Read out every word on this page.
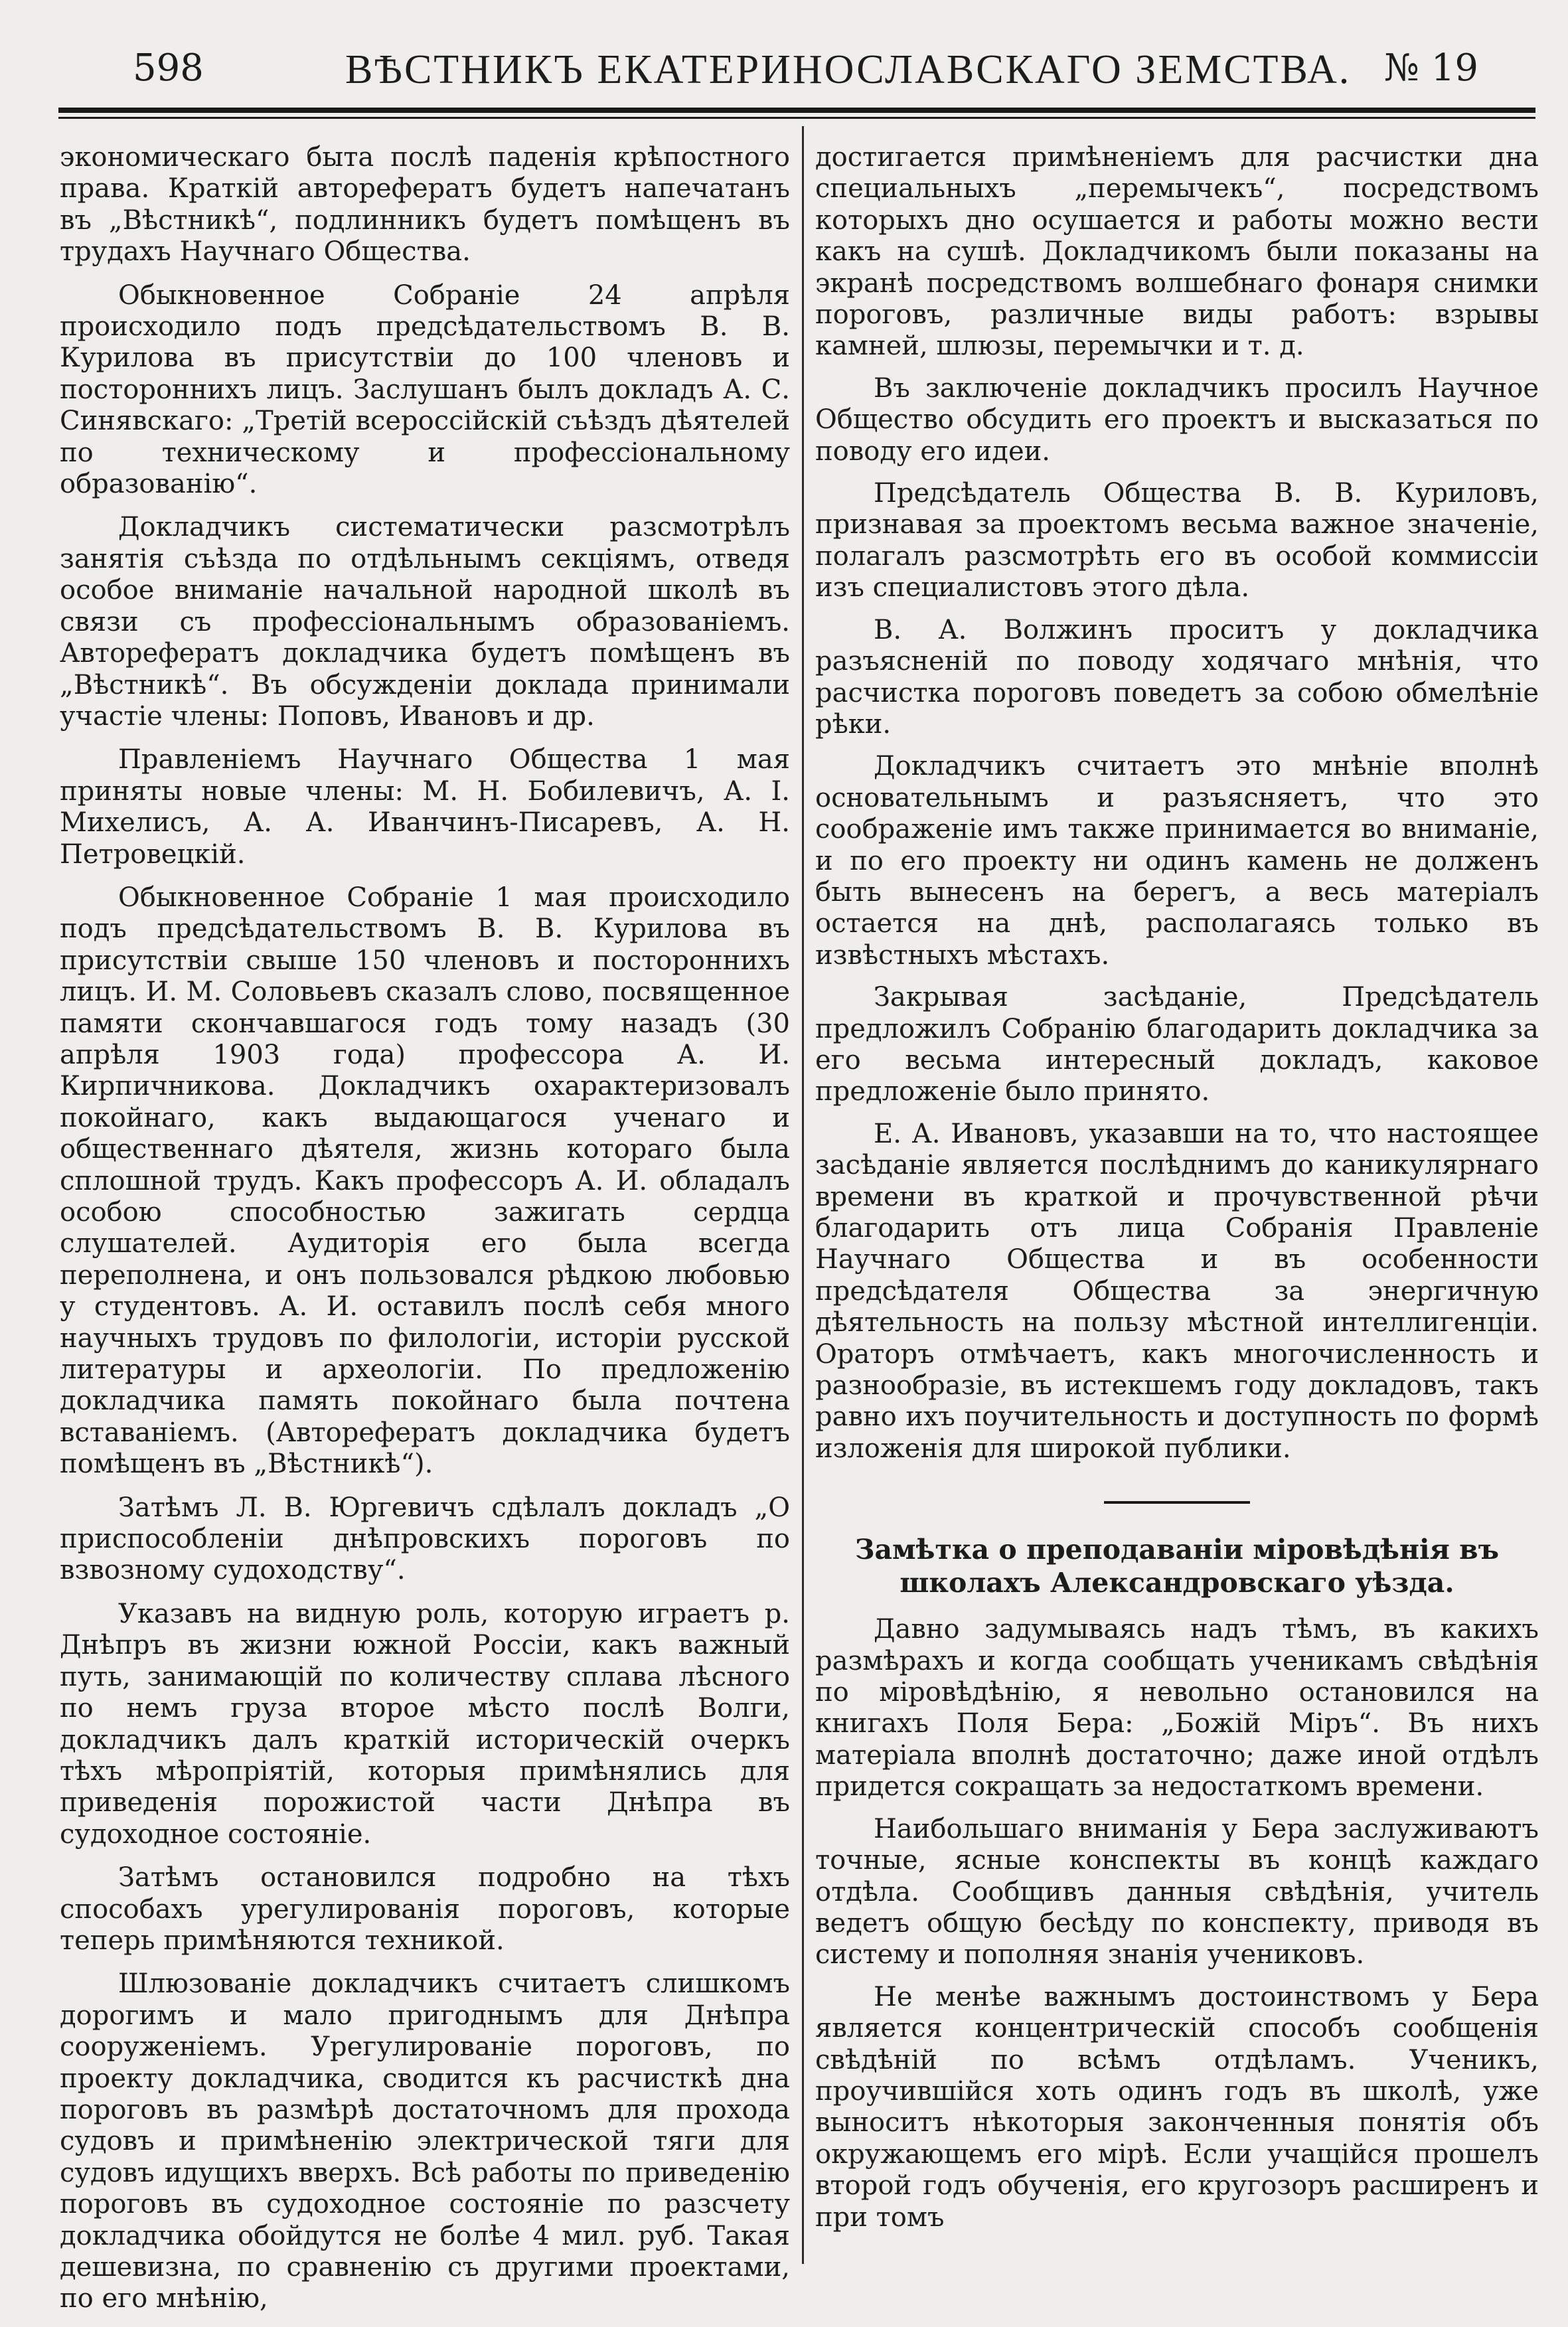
598	ВѢСТНИКЪ ЕКАТЕРИНОСЛАВСКАГО ЗЕМСТВА. № 19

экономическаго быта послѣ паденія крѣпостного права. Краткій авторефератъ будетъ напечатанъ въ „Вѣстникѣ“, подлинникъ будетъ помѣщенъ въ трудахъ Научнаго Общества.

Обыкновенное Собраніе 24 апрѣля происходило подъ предсѣдательствомъ В. В. Курилова въ присутствіи до 100 членовъ и постороннихъ лицъ. Заслушанъ былъ докладъ А. С. Синявскаго: „Третій всероссійскій съѣздъ дѣятелей по техническому и профессіональному образованію“.

Докладчикъ систематически разсмотрѣлъ занятія съѣзда по отдѣльнымъ секціямъ, отведя особое вниманіе начальной народной школѣ въ связи съ профессіональнымъ образованіемъ. Авторефератъ докладчика будетъ помѣщенъ въ „Вѣстникѣ“. Въ обсужденіи доклада принимали участіе члены: Поповъ, Ивановъ и др.

Правленіемъ Научнаго Общества 1 мая приняты новые члены: М. Н. Бобилевичъ, А. І. Михелисъ, А. А. Иванчинъ-Писаревъ, А. Н. Петровецкій.

Обыкновенное Собраніе 1 мая происходило подъ предсѣдательствомъ В. В. Курилова въ присутствіи свыше 150 членовъ и постороннихъ лицъ. И. М. Соловьевъ сказалъ слово, посвященное памяти скончавшагося годъ тому назадъ (30 апрѣля 1903 года) профессора А. И. Кирпичникова. Докладчикъ охарактеризовалъ покойнаго, какъ выдающагося ученаго и общественнаго дѣятеля, жизнь котораго была сплошной трудъ. Какъ профессоръ А. И. обладалъ особою способностью зажигать сердца слушателей. Аудиторія его была всегда переполнена, и онъ пользовался рѣдкою любовью у студентовъ. А. И. оставилъ послѣ себя много научныхъ трудовъ по филологіи, исторіи русской литературы и археологіи. По предложенію докладчика память покойнаго была почтена вставаніемъ. (Авторефератъ докладчика будетъ помѣщенъ въ „Вѣстникѣ“).

Затѣмъ Л. В. Юргевичъ сдѣлалъ докладъ „О приспособленіи днѣпровскихъ пороговъ по взвозному судоходству“.

Указавъ на видную роль, которую играетъ р. Днѣпръ въ жизни южной Россіи, какъ важный путь, занимающій по количеству сплава лѣсного по немъ груза второе мѣсто послѣ Волги, докладчикъ далъ краткій историческій очеркъ тѣхъ мѣропріятій, которыя примѣнялись для приведенія порожистой части Днѣпра въ судоходное состояніе.

Затѣмъ остановился подробно на тѣхъ способахъ урегулированія пороговъ, которые теперь примѣняются техникой.

Шлюзованіе докладчикъ считаетъ слишкомъ дорогимъ и мало пригоднымъ для Днѣпра сооруженіемъ. Урегулированіе пороговъ, по проекту докладчика, сводится къ расчисткѣ дна пороговъ въ размѣрѣ достаточномъ для прохода судовъ и примѣненію электрической тяги для судовъ идущихъ вверхъ. Всѣ работы по приведенію пороговъ въ судоходное состояніе по разсчету докладчика обойдутся не болѣе 4 мил. руб. Такая дешевизна, по сравненію съ другими проектами, по его мнѣнію,

достигается примѣненіемъ для расчистки дна специальныхъ „перемычекъ“, посредствомъ которыхъ дно осушается и работы можно вести какъ на сушѣ. Докладчикомъ были показаны на экранѣ посредствомъ волшебнаго фонаря снимки пороговъ, различные виды работъ: взрывы камней, шлюзы, перемычки и т. д.

Въ заключеніе докладчикъ просилъ Научное Общество обсудить его проектъ и высказаться по поводу его идеи.

Предсѣдатель Общества В. В. Куриловъ, признавая за проектомъ весьма важное значеніе, полагалъ разсмотрѣть его въ особой коммиссіи изъ специалистовъ этого дѣла.

В. А. Волжинъ проситъ у докладчика разъясненій по поводу ходячаго мнѣнія, что расчистка пороговъ поведетъ за собою обмелѣніе рѣки.

Докладчикъ считаетъ это мнѣніе вполнѣ основательнымъ и разъясняетъ, что это соображеніе имъ также принимается во вниманіе, и по его проекту ни одинъ камень не долженъ быть вынесенъ на берегъ, а весь матеріалъ остается на днѣ, располагаясь только въ извѣстныхъ мѣстахъ.

Закрывая засѣданіе, Предсѣдатель предложилъ Собранію благодарить докладчика за его весьма интересный докладъ, каковое предложеніе было принято.

Е. А. Ивановъ, указавши на то, что настоящее засѣданіе является послѣднимъ до каникулярнаго времени въ краткой и прочувственной рѣчи благодарить отъ лица Собранія Правленіе Научнаго Общества и въ особенности предсѣдателя Общества за энергичную дѣятельность на пользу мѣстной интеллигенціи. Ораторъ отмѣчаетъ, какъ многочисленность и разнообразіе, въ истекшемъ году докладовъ, такъ равно ихъ поучительность и доступность по формѣ изложенія для широкой публики.

Замѣтка о преподаваніи міровѣдѣнія въ школахъ Александровскаго уѣзда.

Давно задумываясь надъ тѣмъ, въ какихъ размѣрахъ и когда сообщать ученикамъ свѣдѣнія по міровѣдѣнію, я невольно остановился на книгахъ Поля Бера: „Божій Міръ“. Въ нихъ матеріала вполнѣ достаточно; даже иной отдѣлъ придется сокращать за недостаткомъ времени.

Наибольшаго вниманія у Бера заслуживаютъ точные, ясные конспекты въ концѣ каждаго отдѣла. Сообщивъ данныя свѣдѣнія, учитель ведетъ общую бесѣду по конспекту, приводя въ систему и пополняя знанія учениковъ.

Не менѣе важнымъ достоинствомъ у Бера является концентрическій способъ сообщенія свѣдѣній по всѣмъ отдѣламъ. Ученикъ, проучившійся хоть одинъ годъ въ школѣ, уже выноситъ нѣкоторыя законченныя понятія объ окружающемъ его мірѣ. Если учащійся прошелъ второй годъ обученія, его кругозоръ расширенъ и при томъ
